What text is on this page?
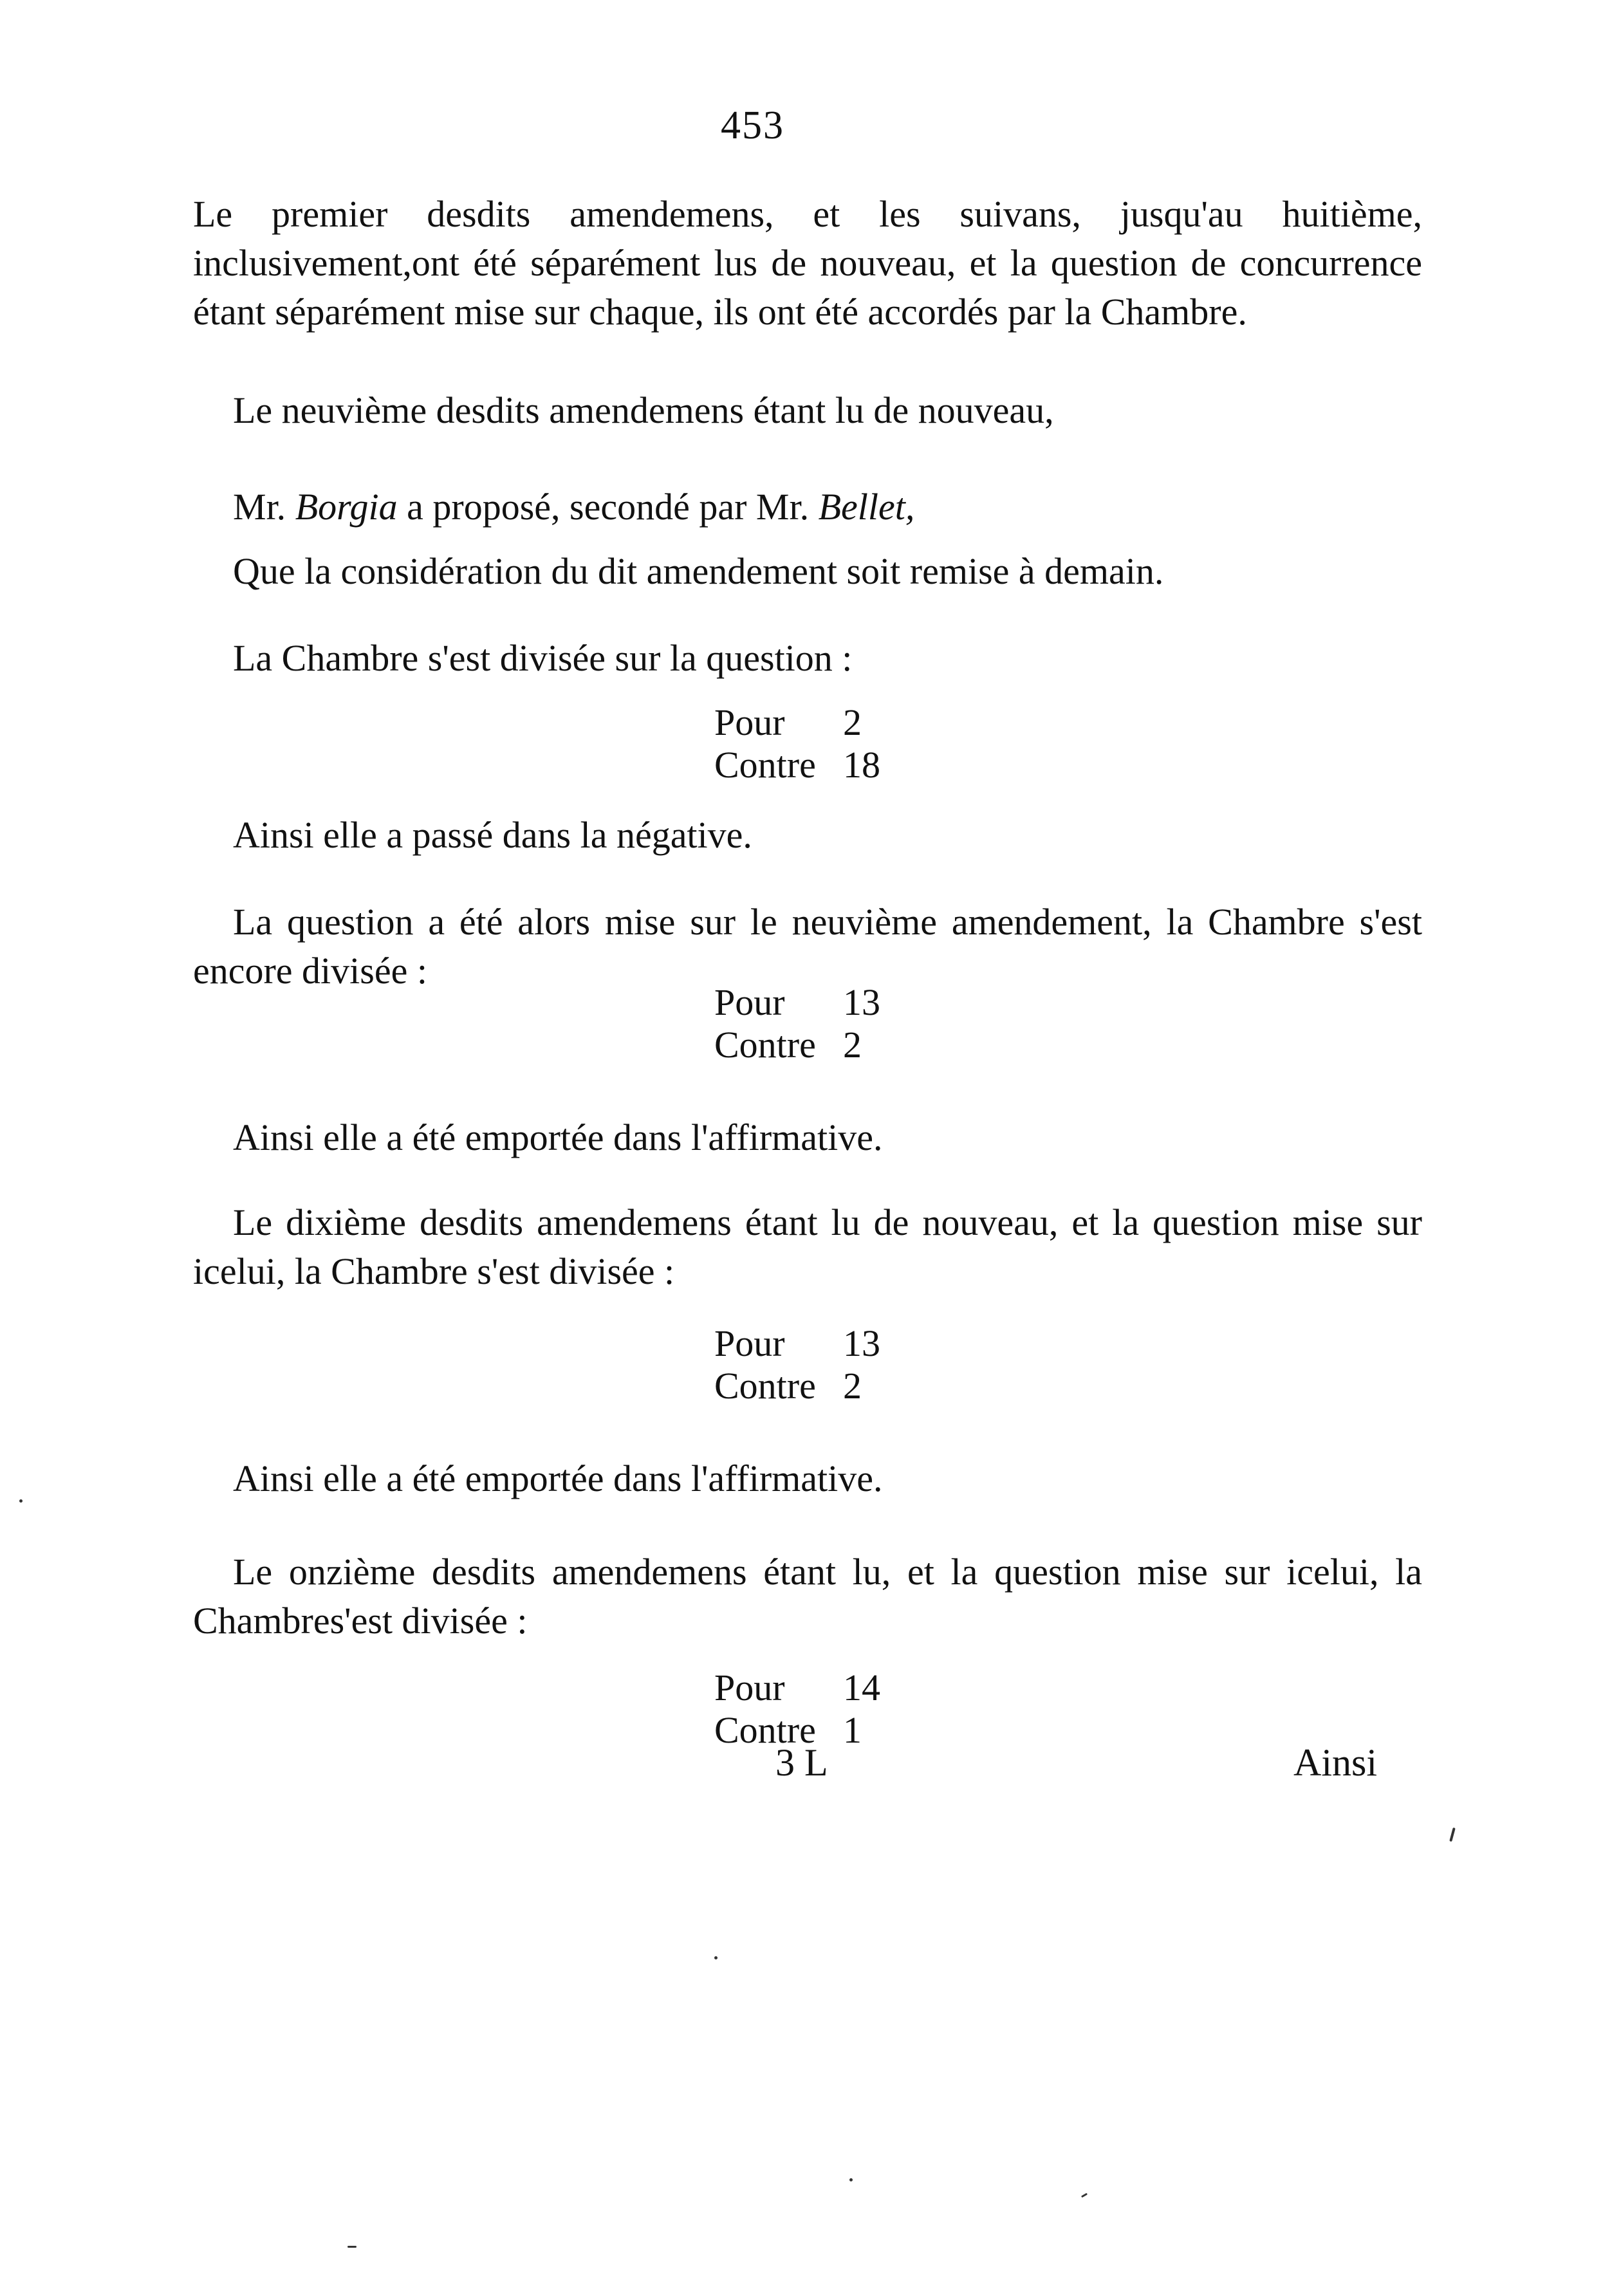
453
Le premier desdits amendemens, et les suivans, jusqu'au huitième, inclusivement,ont été séparément lus de nouveau, et la question de concurrence étant séparément mise sur chaque, ils ont été accordés par la Chambre.
Le neuvième desdits amendemens étant lu de nouveau,
Mr. Borgia a proposé, secondé par Mr. Bellet,
Que la considération du dit amendement soit remise à demain.
La Chambre s'est divisée sur la question :
Pour 2
Contre 18
Ainsi elle a passé dans la négative.
La question a été alors mise sur le neuvième amendement, la Chambre s'est encore divisée :
Pour 13
Contre 2
Ainsi elle a été emportée dans l'affirmative.
Le dixième desdits amendemens étant lu de nouveau, et la question mise sur icelui, la Chambre s'est divisée :
Pour 13
Contre 2
Ainsi elle a été emportée dans l'affirmative.
Le onzième desdits amendemens étant lu, et la question mise sur icelui, la Chambres'est divisée :
Pour 14
Contre 1
3 L	Ainsi
